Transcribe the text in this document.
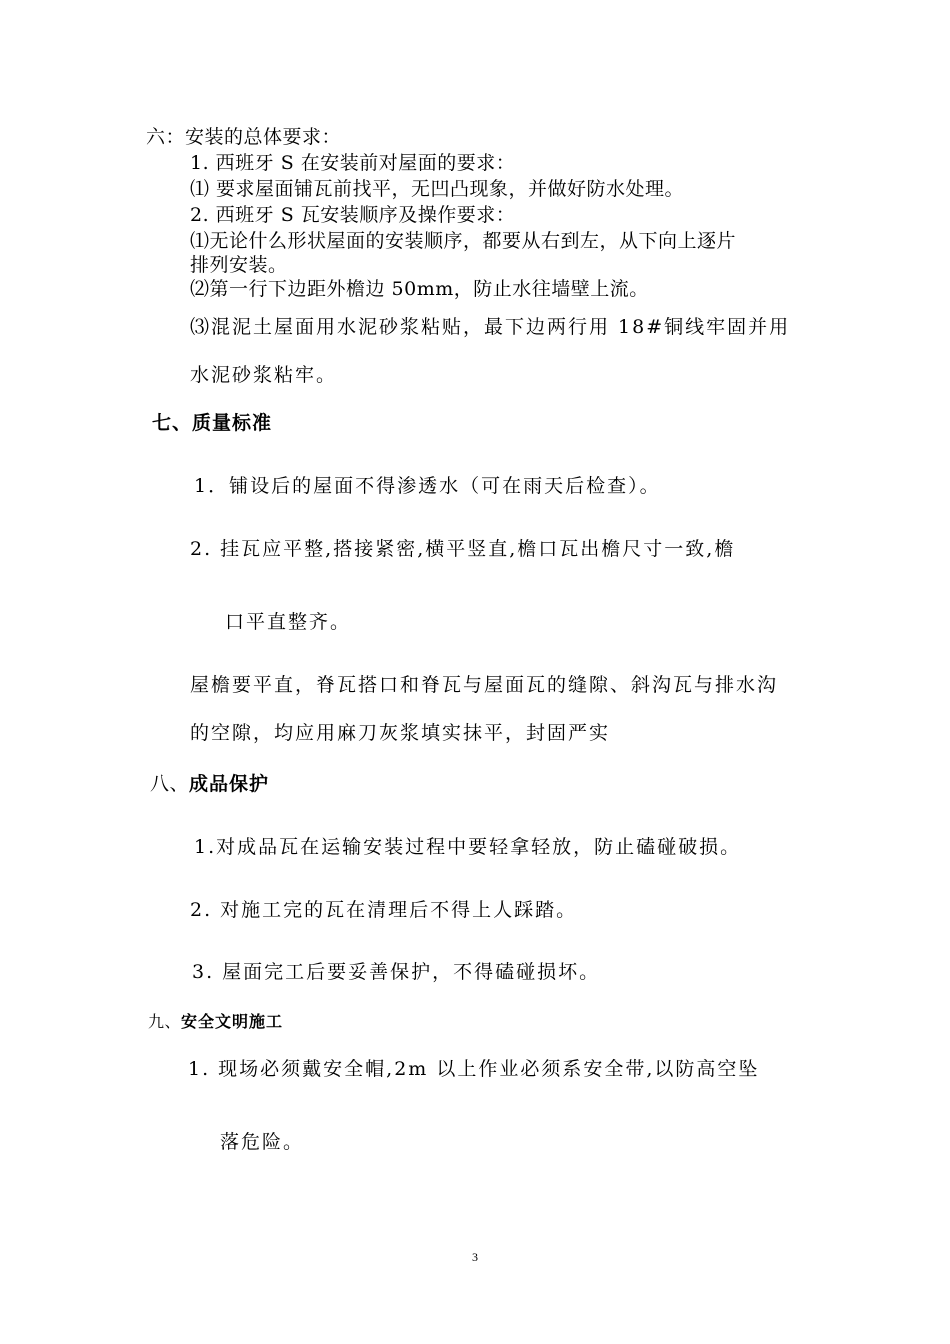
六：安装的总体要求：
1. 西班牙 S 在安装前对屋面的要求：
⑴ 要求屋面铺瓦前找平，无凹凸现象，并做好防水处理。
2. 西班牙 S 瓦安装顺序及操作要求：
⑴无论什么形状屋面的安装顺序，都要从右到左，从下向上逐片
排列安装。
⑵第一行下边距外檐边 50mm，防止水往墙壁上流。
⑶混泥土屋面用水泥砂浆粘贴，最下边两行用 18#铜线牢固并用
水泥砂浆粘牢。
七、质量标准
1．铺设后的屋面不得渗透水（可在雨天后检查）。
2. 挂瓦应平整,搭接紧密,横平竖直,檐口瓦出檐尺寸一致,檐
口平直整齐。
屋檐要平直，脊瓦搭口和脊瓦与屋面瓦的缝隙、斜沟瓦与排水沟
的空隙，均应用麻刀灰浆填实抹平，封固严实
八、成品保护
1.对成品瓦在运输安装过程中要轻拿轻放，防止磕碰破损。
2. 对施工完的瓦在清理后不得上人踩踏。
3. 屋面完工后要妥善保护，不得磕碰损坏。
九、安全文明施工
1. 现场必须戴安全帽,2m 以上作业必须系安全带,以防高空坠
落危险。
3
